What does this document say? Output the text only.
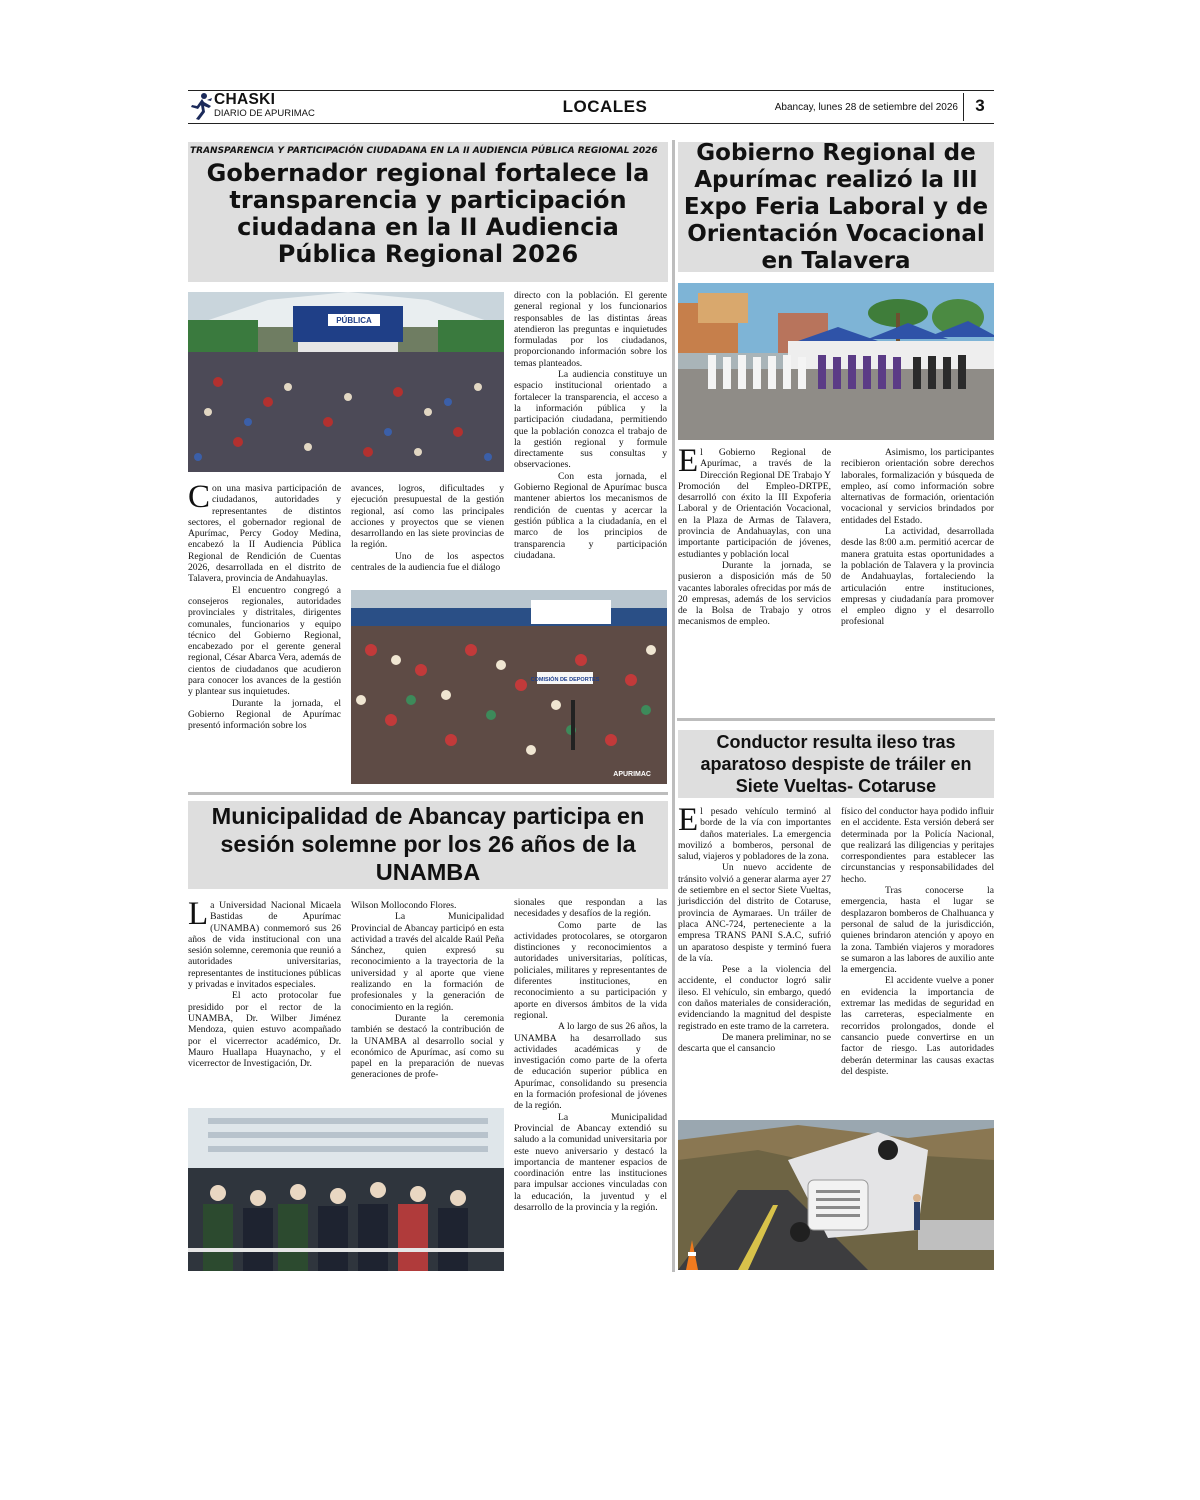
CHASKI
DIARIO DE APURIMAC	LOCALES	Abancay, lunes 28 de setiembre del 2026	3
TRANSPARENCIA Y PARTICIPACIÓN CIUDADANA EN LA II AUDIENCIA PÚBLICA REGIONAL 2026
Gobernador regional fortalece la transparencia y participación ciudadana en la II Audiencia Pública Regional 2026
PÚBLICA

Con una masiva participación de ciudadanos, autoridades y representantes de distintos sectores, el gobernador regional de Apurímac, Percy Godoy Medina, encabezó la II Audiencia Pública Regional de Rendición de Cuentas 2026, desarrollada en el distrito de Talavera, provincia de Andahuaylas.

El encuentro congregó a consejeros regionales, autoridades provinciales y distritales, dirigentes comunales, funcionarios y equipo técnico del Gobierno Regional, encabezado por el gerente general regional, César Abarca Vera, además de cientos de ciudadanos que acudieron para conocer los avances de la gestión y plantear sus inquietudes.

Durante la jornada, el Gobierno Regional de Apurímac presentó información sobre los

avances, logros, dificultades y ejecución presupuestal de la gestión regional, así como las principales acciones y proyectos que se vienen desarrollando en las siete provincias de la región.

Uno de los aspectos centrales de la audiencia fue el diálogo

directo con la población. El gerente general regional y los funcionarios responsables de las distintas áreas atendieron las preguntas e inquietudes formuladas por los ciudadanos, proporcionando información sobre los temas planteados.

La audiencia constituye un espacio institucional orientado a fortalecer la transparencia, el acceso a la información pública y la participación ciudadana, permitiendo que la población conozca el trabajo de la gestión regional y formule directamente sus consultas y observaciones.

Con esta jornada, el Gobierno Regional de Apurímac busca mantener abiertos los mecanismos de rendición de cuentas y acercar la gestión pública a la ciudadanía, en el marco de los principios de transparencia y participación ciudadana.

COMISIÓN DE DEPORTES
APURIMAC
Gobierno Regional de Apurímac realizó la III Expo Feria Laboral y de Orientación Vocacional en Talavera

El Gobierno Regional de Apurímac, a través de la Dirección Regional DE Trabajo Y Promoción del Empleo-DRTPE, desarrolló con éxito la III Expoferia Laboral y de Orientación Vocacional, en la Plaza de Armas de Talavera, provincia de Andahuaylas, con una importante participación de jóvenes, estudiantes y población local

Durante la jornada, se pusieron a disposición más de 50 vacantes laborales ofrecidas por más de 20 empresas, además de los servicios de la Bolsa de Trabajo y otros mecanismos de empleo.

Asimismo, los participantes recibieron orientación sobre derechos laborales, formalización y búsqueda de empleo, así como información sobre alternativas de formación, orientación vocacional y servicios brindados por entidades del Estado.

La actividad, desarrollada desde las 8:00 a.m. permitió acercar de manera gratuita estas oportunidades a la población de Talavera y la provincia de Andahuaylas, fortaleciendo la articulación entre instituciones, empresas y ciudadanía para promover el empleo digno y el desarrollo profesional

Municipalidad de Abancay participa en sesión solemne por los 26 años de la UNAMBA

La Universidad Nacional Micaela Bastidas de Apurímac (UNAMBA) conmemoró sus 26 años de vida institucional con una sesión solemne, ceremonia que reunió a autoridades universitarias, representantes de instituciones públicas y privadas e invitados especiales.

El acto protocolar fue presidido por el rector de la UNAMBA, Dr. Wilber Jiménez Mendoza, quien estuvo acompañado por el vicerrector académico, Dr. Mauro Huallapa Huaynacho, y el vicerrector de Investigación, Dr.

Wilson Mollocondo Flores.

La Municipalidad Provincial de Abancay participó en esta actividad a través del alcalde Raúl Peña Sánchez, quien expresó su reconocimiento a la trayectoria de la universidad y al aporte que viene realizando en la formación de profesionales y la generación de conocimiento en la región.

Durante la ceremonia también se destacó la contribución de la UNAMBA al desarrollo social y económico de Apurímac, así como su papel en la preparación de nuevas generaciones de profe-

sionales que respondan a las necesidades y desafíos de la región.

Como parte de las actividades protocolares, se otorgaron distinciones y reconocimientos a autoridades universitarias, políticas, policiales, militares y representantes de diferentes instituciones, en reconocimiento a su participación y aporte en diversos ámbitos de la vida regional.

A lo largo de sus 26 años, la UNAMBA ha desarrollado sus actividades académicas y de investigación como parte de la oferta de educación superior pública en Apurímac, consolidando su presencia en la formación profesional de jóvenes de la región.

La Municipalidad Provincial de Abancay extendió su saludo a la comunidad universitaria por este nuevo aniversario y destacó la importancia de mantener espacios de coordinación entre las instituciones para impulsar acciones vinculadas con la educación, la juventud y el desarrollo de la provincia y la región.

Conductor resulta ileso tras aparatoso despiste de tráiler en Siete Vueltas- Cotaruse

El pesado vehículo terminó al borde de la vía con importantes daños materiales. La emergencia movilizó a bomberos, personal de salud, viajeros y pobladores de la zona.

Un nuevo accidente de tránsito volvió a generar alarma ayer 27 de setiembre en el sector Siete Vueltas, jurisdicción del distrito de Cotaruse, provincia de Aymaraes. Un tráiler de placa ANC-724, perteneciente a la empresa TRANS PANI S.A.C, sufrió un aparatoso despiste y terminó fuera de la vía.

Pese a la violencia del accidente, el conductor logró salir ileso. El vehículo, sin embargo, quedó con daños materiales de consideración, evidenciando la magnitud del despiste registrado en este tramo de la carretera.

De manera preliminar, no se descarta que el cansancio

físico del conductor haya podido influir en el accidente. Esta versión deberá ser determinada por la Policía Nacional, que realizará las diligencias y peritajes correspondientes para establecer las circunstancias y responsabilidades del hecho.

Tras conocerse la emergencia, hasta el lugar se desplazaron bomberos de Chalhuanca y personal de salud de la jurisdicción, quienes brindaron atención y apoyo en la zona. También viajeros y moradores se sumaron a las labores de auxilio ante la emergencia.

El accidente vuelve a poner en evidencia la importancia de extremar las medidas de seguridad en las carreteras, especialmente en recorridos prolongados, donde el cansancio puede convertirse en un factor de riesgo. Las autoridades deberán determinar las causas exactas del despiste.
